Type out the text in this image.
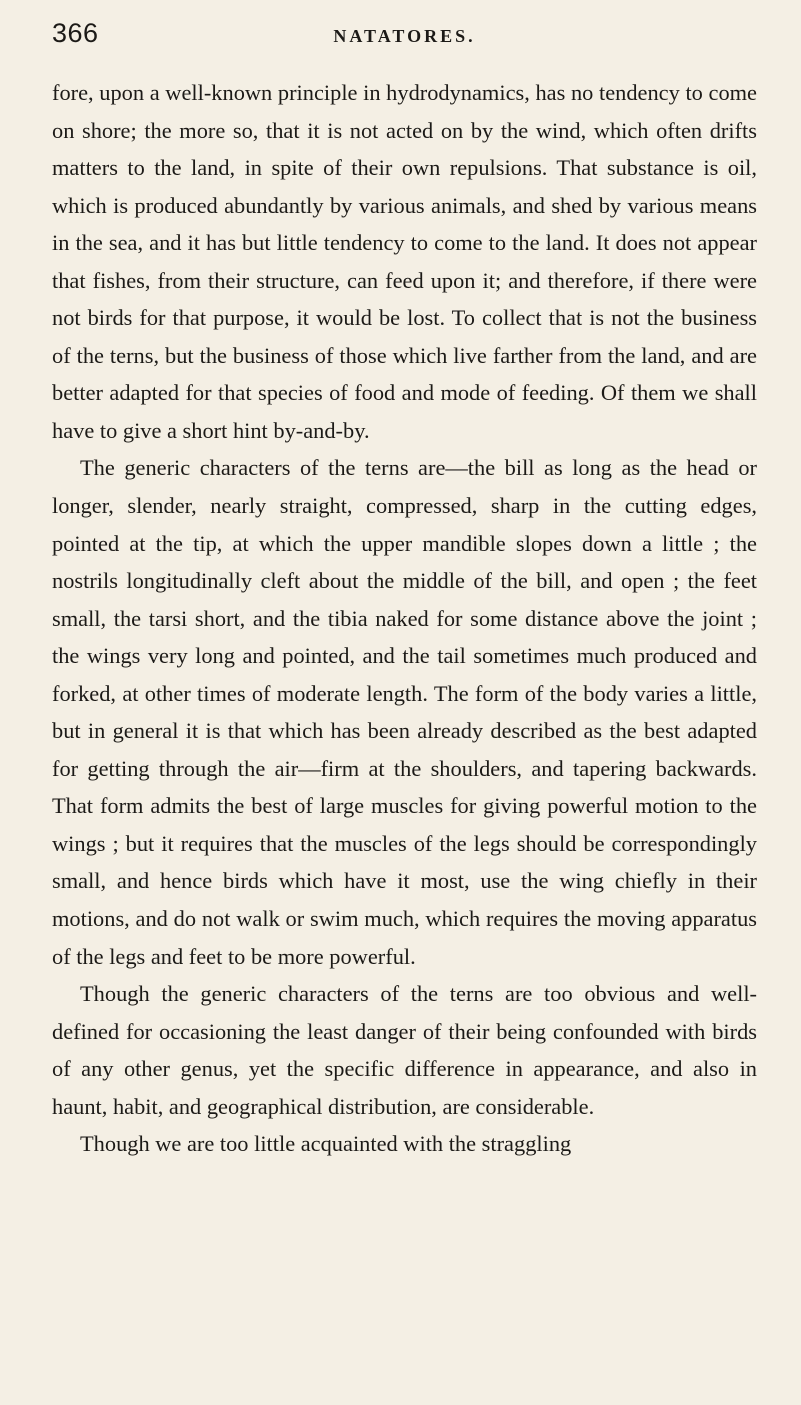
366	NATATORES.

fore, upon a well-known principle in hydrodynamics, has no tendency to come on shore; the more so, that it is not acted on by the wind, which often drifts matters to the land, in spite of their own repulsions. That substance is oil, which is produced abundantly by various animals, and shed by various means in the sea, and it has but little tendency to come to the land. It does not appear that fishes, from their structure, can feed upon it; and therefore, if there were not birds for that purpose, it would be lost. To collect that is not the business of the terns, but the business of those which live farther from the land, and are better adapted for that species of food and mode of feeding. Of them we shall have to give a short hint by-and-by.

The generic characters of the terns are—the bill as long as the head or longer, slender, nearly straight, compressed, sharp in the cutting edges, pointed at the tip, at which the upper mandible slopes down a little ; the nostrils longitudinally cleft about the middle of the bill, and open ; the feet small, the tarsi short, and the tibia naked for some distance above the joint ; the wings very long and pointed, and the tail sometimes much produced and forked, at other times of moderate length. The form of the body varies a little, but in general it is that which has been already described as the best adapted for getting through the air—firm at the shoulders, and tapering backwards. That form admits the best of large muscles for giving powerful motion to the wings ; but it requires that the muscles of the legs should be correspondingly small, and hence birds which have it most, use the wing chiefly in their motions, and do not walk or swim much, which requires the moving apparatus of the legs and feet to be more powerful.

Though the generic characters of the terns are too obvious and well-defined for occasioning the least danger of their being confounded with birds of any other genus, yet the specific difference in appearance, and also in haunt, habit, and geographical distribution, are considerable.

Though we are too little acquainted with the straggling
